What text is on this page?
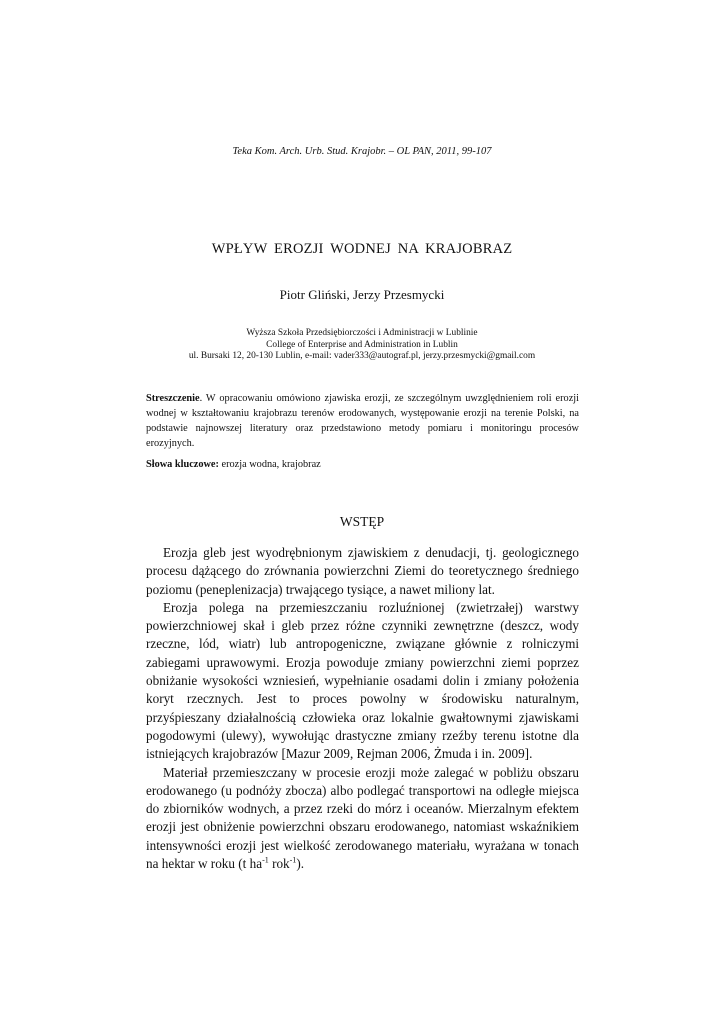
Teka Kom. Arch. Urb. Stud. Krajobr. – OL PAN, 2011, 99-107
WPŁYW EROZJI WODNEJ NA KRAJOBRAZ
Piotr Gliński, Jerzy Przesmycki
Wyższa Szkoła Przedsiębiorczości i Administracji w Lublinie
College of Enterprise and Administration in Lublin
ul. Bursaki 12, 20-130 Lublin, e-mail: vader333@autograf.pl, jerzy.przesmycki@gmail.com
Streszczenie. W opracowaniu omówiono zjawiska erozji, ze szczególnym uwzględnieniem roli erozji wodnej w kształtowaniu krajobrazu terenów erodowanych, występowanie erozji na terenie Polski, na podstawie najnowszej literatury oraz przedstawiono metody pomiaru i monitoringu procesów erozyjnych.
Słowa kluczowe: erozja wodna, krajobraz
WSTĘP

Erozja gleb jest wyodrębnionym zjawiskiem z denudacji, tj. geologicznego procesu dążącego do zrównania powierzchni Ziemi do teoretycznego średniego poziomu (peneplenizacja) trwającego tysiące, a nawet miliony lat.

Erozja polega na przemieszczaniu rozluźnionej (zwietrzałej) warstwy powierzchniowej skał i gleb przez różne czynniki zewnętrzne (deszcz, wody rzeczne, lód, wiatr) lub antropogeniczne, związane głównie z rolniczymi zabiegami uprawowymi. Erozja powoduje zmiany powierzchni ziemi poprzez obniżanie wysokości wzniesień, wypełnianie osadami dolin i zmiany położenia koryt rzecznych. Jest to proces powolny w środowisku naturalnym, przyśpieszany działalnością człowieka oraz lokalnie gwałtownymi zjawiskami pogodowymi (ulewy), wywołując drastyczne zmiany rzeźby terenu istotne dla istniejących krajobrazów [Mazur 2009, Rejman 2006, Żmuda i in. 2009].

Materiał przemieszczany w procesie erozji może zalegać w pobliżu obszaru erodowanego (u podnóży zbocza) albo podlegać transportowi na odległe miejsca do zbiorników wodnych, a przez rzeki do mórz i oceanów. Mierzalnym efektem erozji jest obniżenie powierzchni obszaru erodowanego, natomiast wskaźnikiem intensywności erozji jest wielkość zerodowanego materiału, wyrażana w tonach na hektar w roku (t $ha^{-1}$ rok$^{-1}$).
